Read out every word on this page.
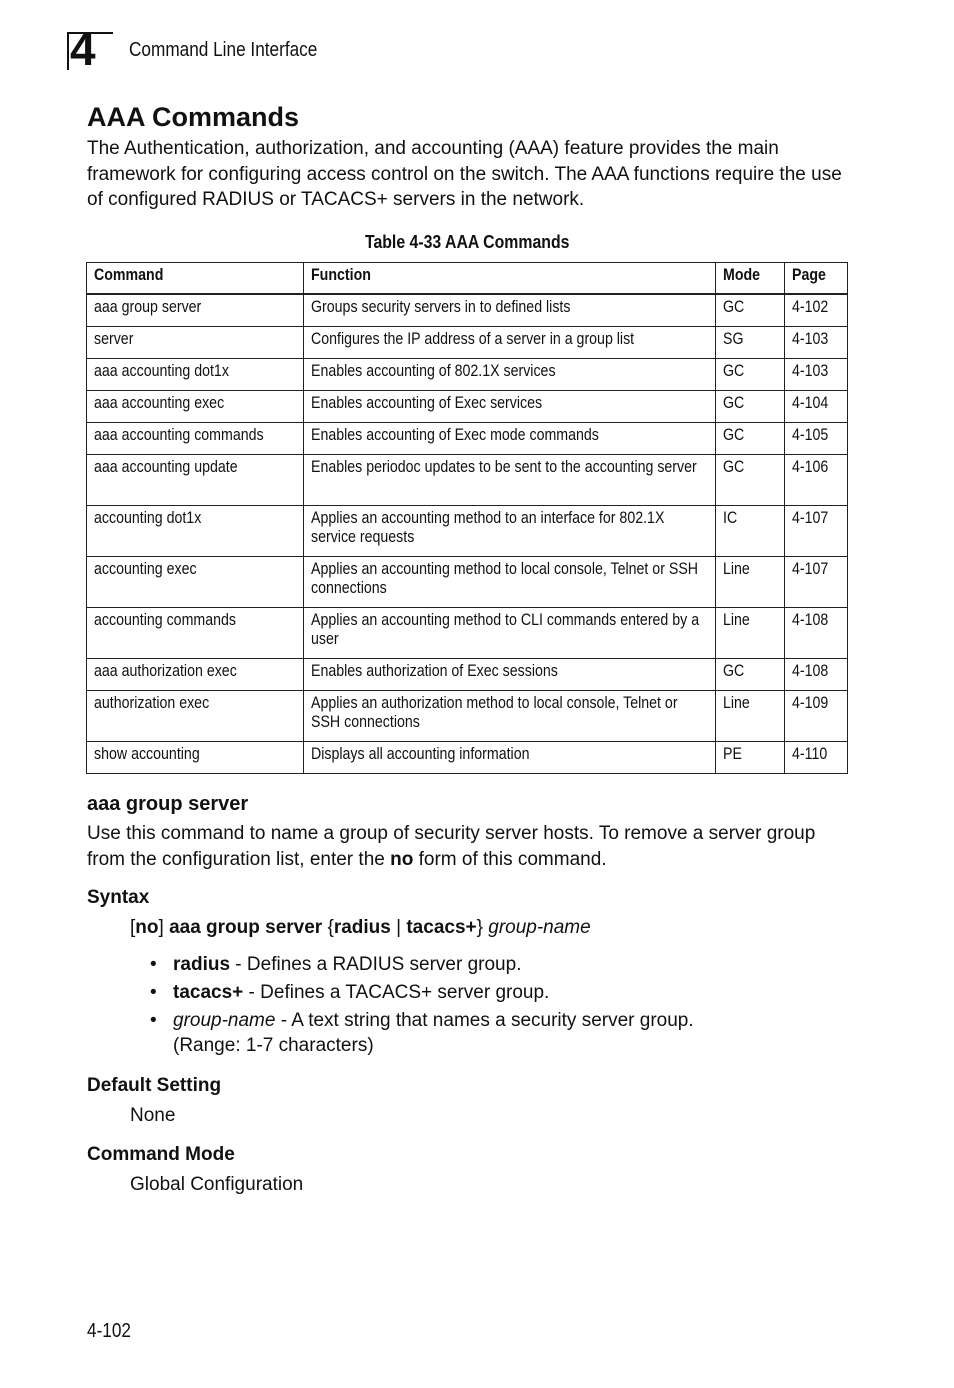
4 Command Line Interface
AAA Commands

The Authentication, authorization, and accounting (AAA) feature provides the main framework for configuring access control on the switch. The AAA functions require the use of configured RADIUS or TACACS+ servers in the network.

Table 4-33 AAA Commands
Command	Function	Mode	Page
aaa group server	Groups security servers in to defined lists	GC	4-102
server	Configures the IP address of a server in a group list	SG	4-103
aaa accounting dot1x	Enables accounting of 802.1X services	GC	4-103
aaa accounting exec	Enables accounting of Exec services	GC	4-104
aaa accounting commands	Enables accounting of Exec mode commands	GC	4-105
aaa accounting update	Enables periodoc updates to be sent to the accounting server	GC	4-106
accounting dot1x	Applies an accounting method to an interface for 802.1X service requests	IC	4-107
accounting exec	Applies an accounting method to local console, Telnet or SSH connections	Line	4-107
accounting commands	Applies an accounting method to CLI commands entered by a user	Line	4-108
aaa authorization exec	Enables authorization of Exec sessions	GC	4-108
authorization exec	Applies an authorization method to local console, Telnet or SSH connections	Line	4-109
show accounting	Displays all accounting information	PE	4-110
aaa group server

Use this command to name a group of security server hosts. To remove a server group from the configuration list, enter the no form of this command.

Syntax
[no] aaa group server {radius | tacacs+} group-name
• radius - Defines a RADIUS server group.
• tacacs+ - Defines a TACACS+ server group.
• group-name - A text string that names a security server group.
(Range: 1-7 characters)
Default Setting
None
Command Mode
Global Configuration
4-102
